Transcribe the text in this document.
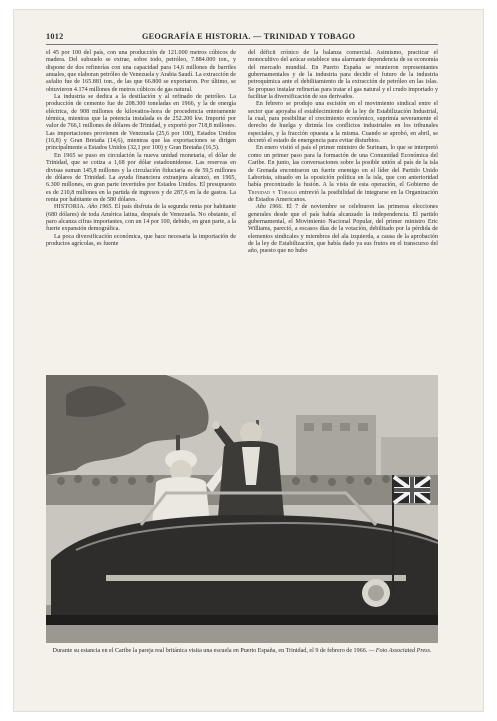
1012	GEOGRAFÍA E HISTORIA. — TRINIDAD Y TOBAGO

el 45 por 100 del país, con una producción de 121.000 metros cúbicos de madera. Del subsuelo se extrae, sobre todo, petróleo, 7.884.000 ton., y dispone de dos refinerías con una capacidad para 14,6 millones de barriles anuales, que elaboran petróleo de Venezuela y Arabia Saudí. La extracción de asfalto fue de 165.881 ton., de las que 66.800 se exportaron. Por último, se obtuvieron 4.174 millones de metros cúbicos de gas natural.

La industria se dedica a la destilación y al refinado de petróleo. La producción de cemento fue de 208.300 toneladas en 1966, y la de energía eléctrica, de 908 millones de kilovatios-hora de procedencia enteramente térmica, mientras que la potencia instalada es de 252.200 kw. Importó por valor de 766,1 millones de dólares de Trinidad, y exportó por 718,8 millones. Las importaciones provienen de Venezuela (25,6 por 100), Estados Unidos (16,8) y Gran Bretaña (14,6), mientras que las exportaciones se dirigen principalmente a Estados Unidos (32,1 por 100) y Gran Bretaña (16,5).

En 1965 se puso en circulación la nueva unidad monetaria, el dólar de Trinidad, que se cotiza a 1,68 por dólar estadounidense. Las reservas en divisas suman 145,8 millones y la circulación fiduciaria es de 59,5 millones de dólares de Trinidad. La ayuda financiera extranjera alcanzó, en 1965, 6.300 millones, en gran parte invertidos por Estados Unidos. El presupuesto es de 210,8 millones en la partida de ingresos y de 287,6 en la de gastos. La renta por habitante es de 580 dólares.

HISTORIA. Año 1965. El país disfruta de la segunda renta por habitante (680 dólares) de toda América latina, después de Venezuela. No obstante, el paro alcanza cifras importantes, con un 14 por 100, debido, en gran parte, a la fuerte expansión demográfica.

La poca diversificación económica, que hace necesaria la importación de productos agrícolas, es fuente

del déficit crónico de la balanza comercial. Asimismo, practicar el monocultivo del azúcar establece una alarmante dependencia de su economía del mercado mundial. En Puerto España se reunieron representantes gubernamentales y de la industria para decidir el futuro de la industria petroquímica ante el debilitamiento de la extracción de petróleo en las islas. Se propuso instalar refinerías para tratar el gas natural y el crudo importado y facilitar la diversificación de sus derivados.

En febrero se produjo una escisión en el movimiento sindical entre el sector que apoyaba el establecimiento de la ley de Estabilización Industrial, la cual, para posibilitar el crecimiento económico, suprimía severamente el derecho de huelga y dirimía los conflictos industriales en los tribunales especiales, y la fracción opuesta a la misma. Cuando se aprobó, en abril, se decretó el estado de emergencia para evitar disturbios.

En enero visitó el país el primer ministro de Surinam, lo que se interpretó como un primer paso para la formación de una Comunidad Económica del Caribe. En junio, las conversaciones sobre la posible unión al país de la isla de Grenada encontraron un fuerte enemigo en el líder del Partido Unido Laborista, situado en la oposición política en la isla, que con anterioridad había preconizado la fusión. A la vista de esta operación, el Gobierno de Trinidad y Tobago entrevió la posibilidad de integrarse en la Organización de Estados Americanos.

Año 1966. El 7 de noviembre se celebraron las primeras elecciones generales desde que el país había alcanzado la independencia. El partido gubernamental, el Movimiento Nacional Popular, del primer ministro Eric Williams, pareció, a escasos días de la votación, debilitado por la pérdida de elementos sindicales y miembros del ala izquierda, a causa de la aprobación de la ley de Estabilización, que había dado ya sus frutos en el transcurso del año, puesto que no hubo

Durante su estancia en el Caribe la pareja real británica visita una escuela en Puerto España, en Trinidad, el 9 de febrero de 1966. — Foto Associated Press.
